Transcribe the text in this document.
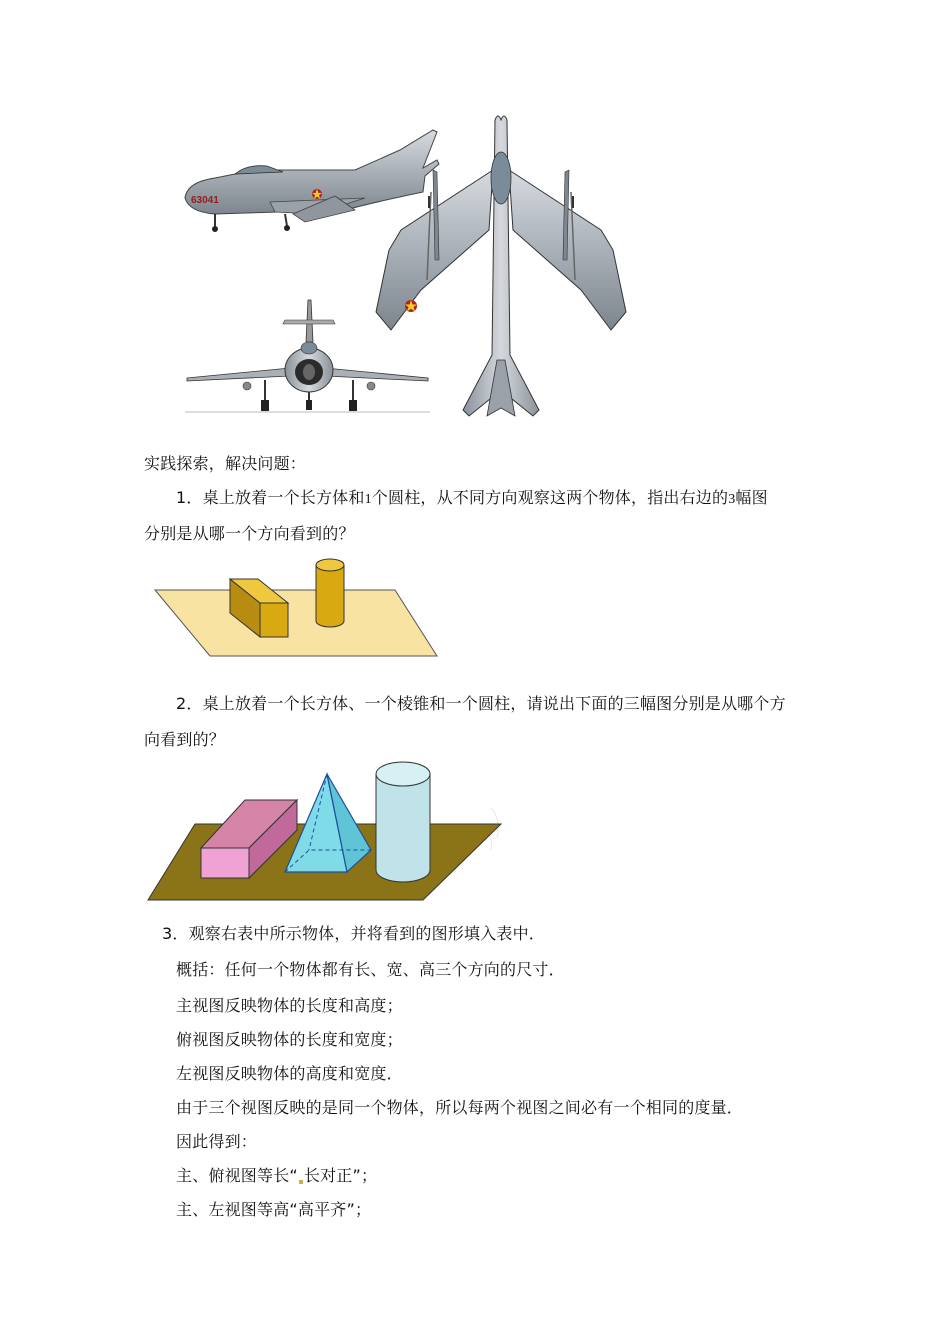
63041
实践探索，解决问题：
1．桌上放着一个长方体和1个圆柱，从不同方向观察这两个物体，指出右边的3幅图
分别是从哪一个方向看到的？
2．桌上放着一个长方体、一个棱锥和一个圆柱，请说出下面的三幅图分别是从哪个方
向看到的？
3．观察右表中所示物体，并将看到的图形填入表中．
概括：任何一个物体都有长、宽、高三个方向的尺寸．
主视图反映物体的长度和高度；
俯视图反映物体的长度和宽度；
左视图反映物体的高度和宽度．
由于三个视图反映的是同一个物体，所以每两个视图之间必有一个相同的度量．
因此得到：
主、俯视图等长“ 长对正”；
主、左视图等高“高平齐”；
